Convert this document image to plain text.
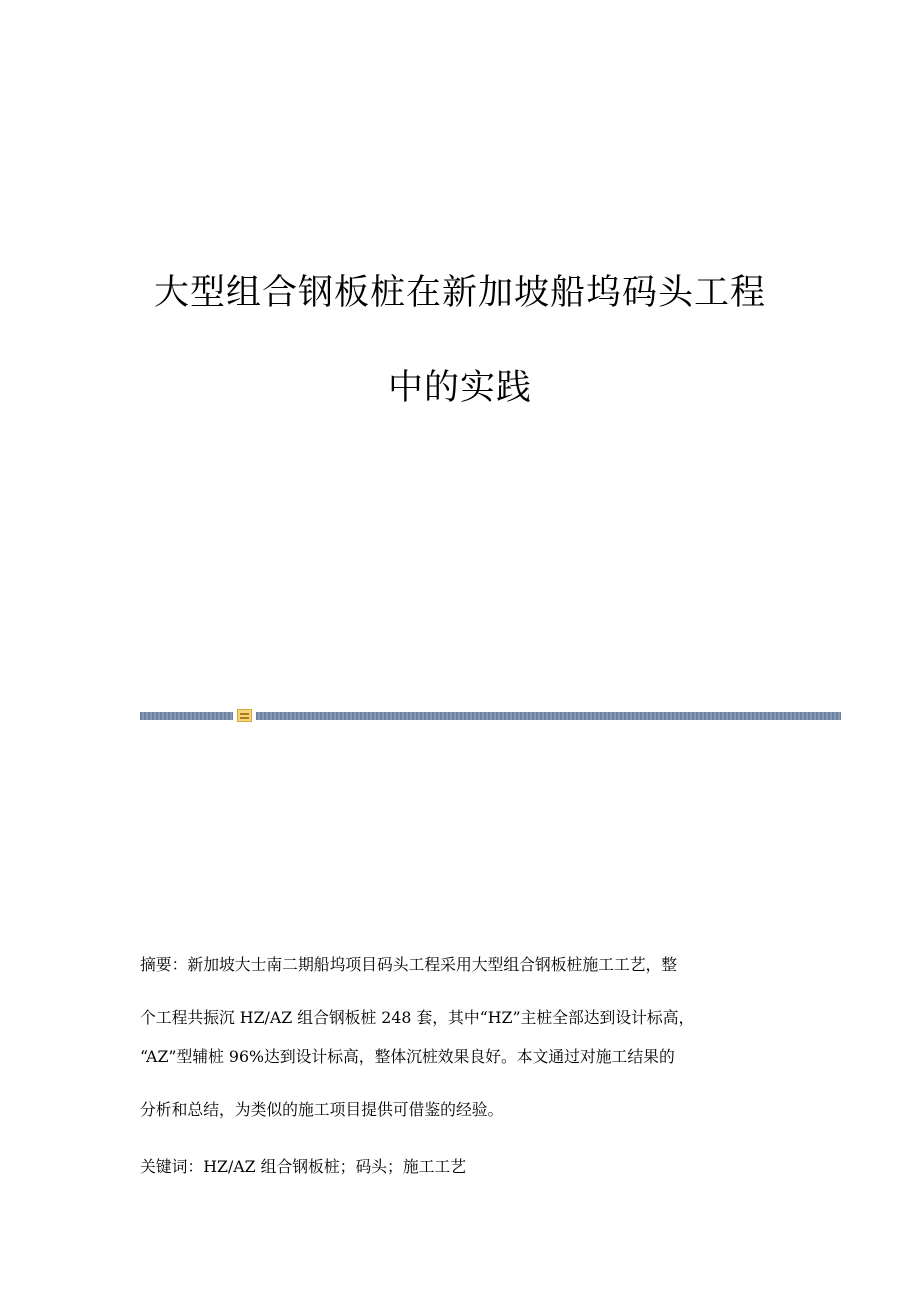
大型组合钢板桩在新加坡船坞码头工程
中的实践
摘要：新加坡大士南二期船坞项目码头工程采用大型组合钢板桩施工工艺，整
个工程共振沉 HZ/AZ 组合钢板桩 248 套，其中“HZ”主桩全部达到设计标高，
“AZ”型辅桩 96%达到设计标高，整体沉桩效果良好。本文通过对施工结果的
分析和总结，为类似的施工项目提供可借鉴的经验。
关键词：HZ/AZ 组合钢板桩；码头；施工工艺
